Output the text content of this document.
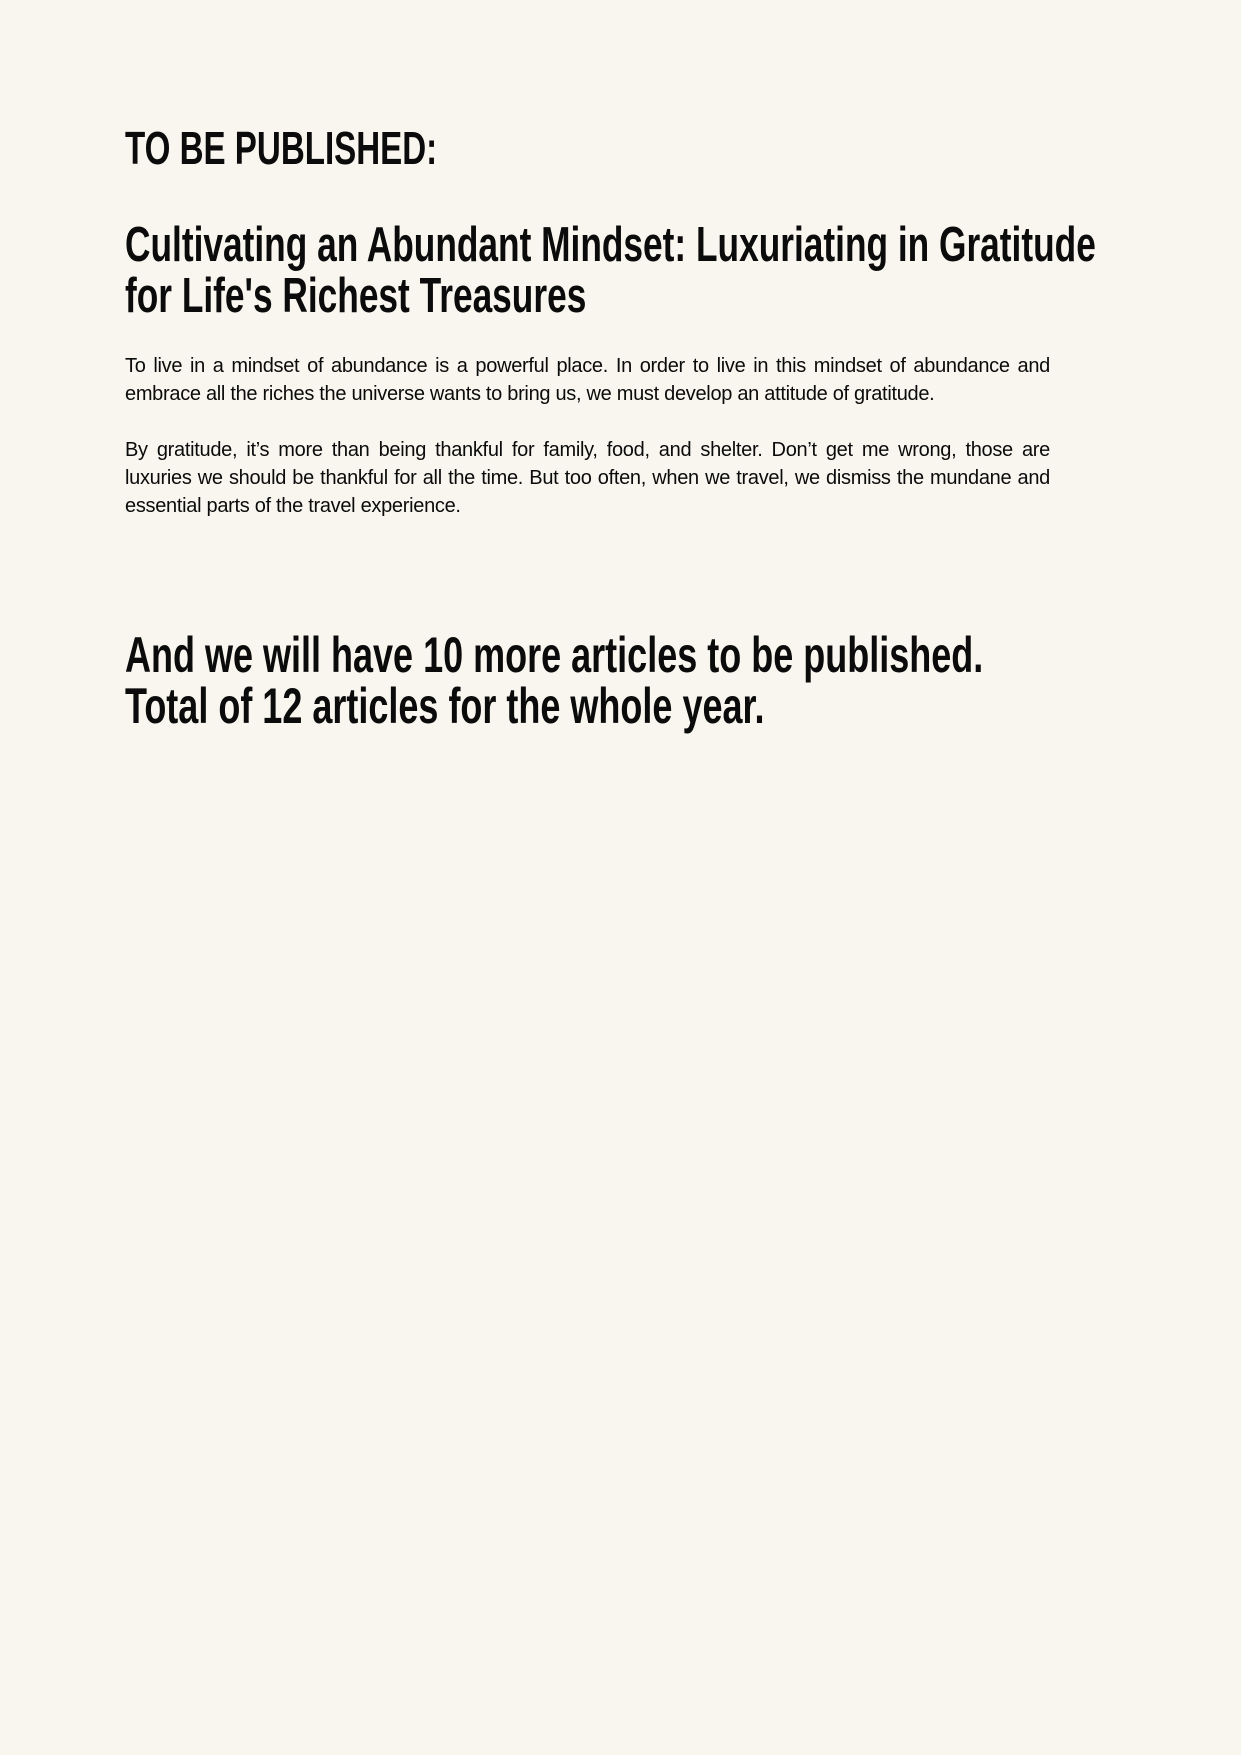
TO BE PUBLISHED:
Cultivating an Abundant Mindset: Luxuriating in Gratitude
for Life's Richest Treasures

To live in a mindset of abundance is a powerful place. In order to live in this mindset of abundance and embrace all the riches the universe wants to bring us, we must develop an attitude of gratitude.

By gratitude, it’s more than being thankful for family, food, and shelter. Don’t get me wrong, those are luxuries we should be thankful for all the time. But too often, when we travel, we dismiss the mundane and essential parts of the travel experience.

And we will have 10 more articles to be published.
Total of 12 articles for the whole year.
